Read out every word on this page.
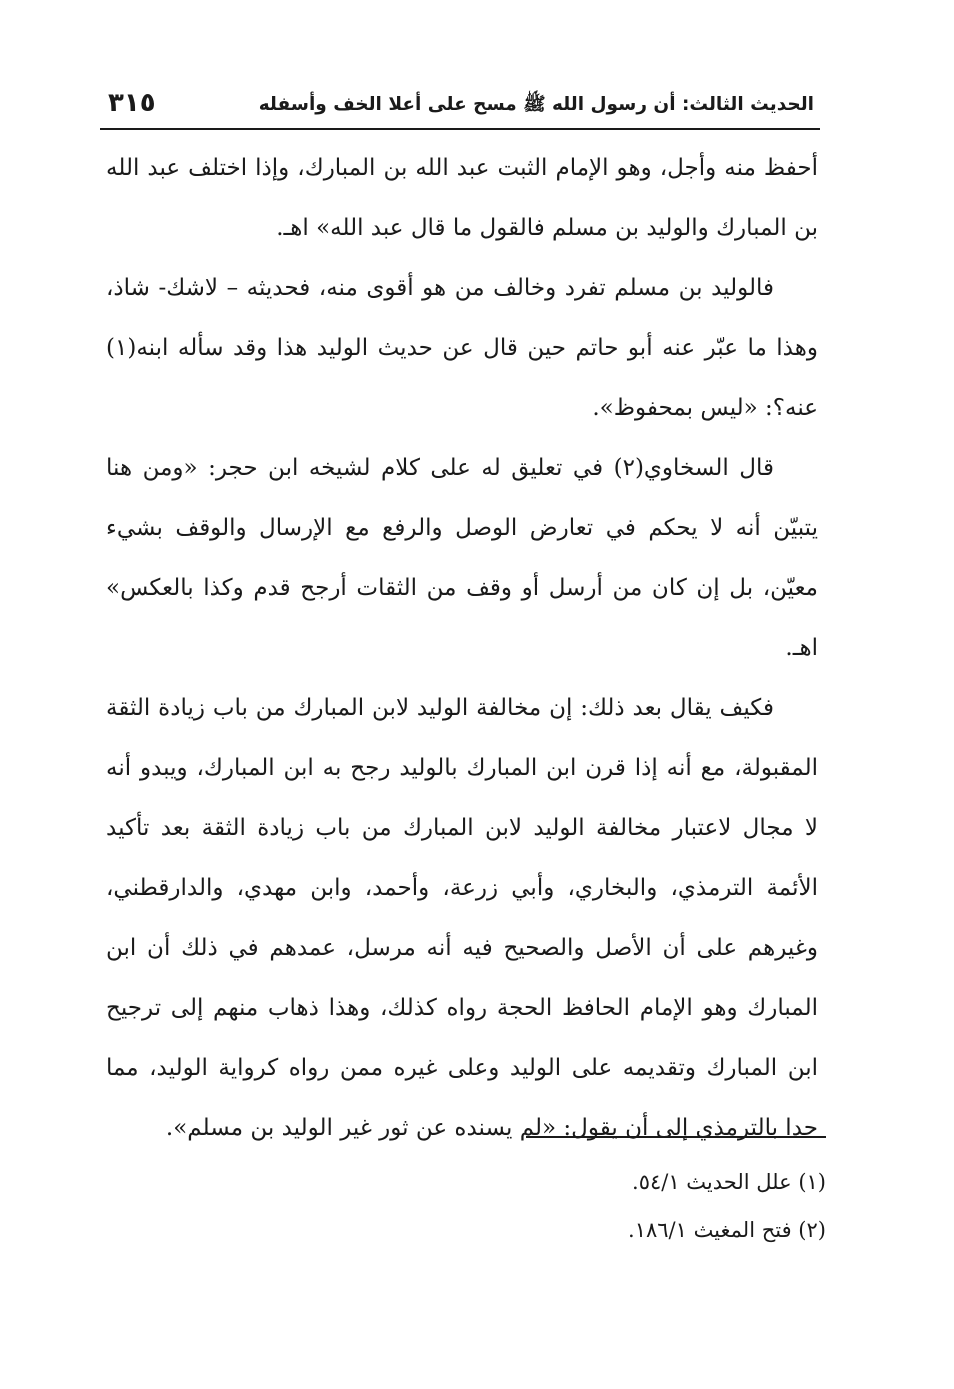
الحديث الثالث: أن رسول الله ﷺ مسح على أعلا الخف وأسفله
٣١٥

أحفظ منه وأجل، وهو الإمام الثبت عبد الله بن المبارك، وإذا اختلف عبد الله بن المبارك والوليد بن مسلم فالقول ما قال عبد الله» اهـ.

فالوليد بن مسلم تفرد وخالف من هو أقوى منه، فحديثه – لاشك- شاذ، وهذا ما عبّر عنه أبو حاتم حين قال عن حديث الوليد هذا وقد سأله ابنه(١) عنه؟: «ليس بمحفوظ».

قال السخاوي(٢) في تعليق له على كلام لشيخه ابن حجر: «ومن هنا يتبيّن أنه لا يحكم في تعارض الوصل والرفع مع الإرسال والوقف بشيء معيّن، بل إن كان من أرسل أو وقف من الثقات أرجح قدم وكذا بالعكس» اهـ.

فكيف يقال بعد ذلك: إن مخالفة الوليد لابن المبارك من باب زيادة الثقة المقبولة، مع أنه إذا قرن ابن المبارك بالوليد رجح به ابن المبارك، ويبدو أنه لا مجال لاعتبار مخالفة الوليد لابن المبارك من باب زيادة الثقة بعد تأكيد الأئمة الترمذي، والبخاري، وأبي زرعة، وأحمد، وابن مهدي، والدارقطني، وغيرهم على أن الأصل والصحيح فيه أنه مرسل، عمدهم في ذلك أن ابن المبارك وهو الإمام الحافظ الحجة رواه كذلك، وهذا ذهاب منهم إلى ترجيح ابن المبارك وتقديمه على الوليد وعلى غيره ممن رواه كرواية الوليد، مما حدا بالترمذي إلى أن يقول: «لم يسنده عن ثور غير الوليد بن مسلم».

(١) علل الحديث ٥٤/١.

(٢) فتح المغيث ١٨٦/١.
